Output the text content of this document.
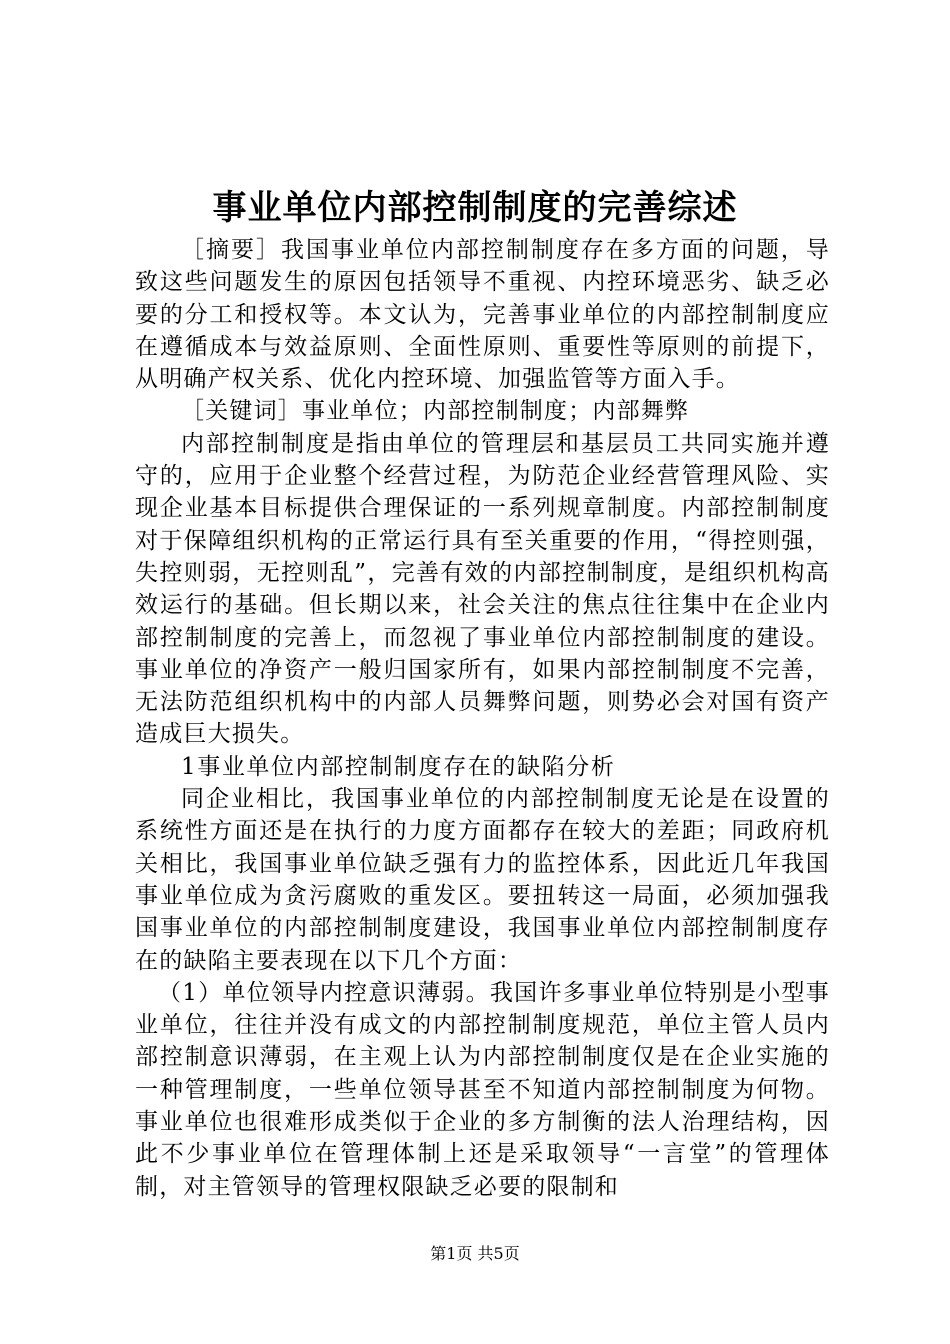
事业单位内部控制制度的完善综述

［摘要］我国事业单位内部控制制度存在多方面的问题，导致这些问题发生的原因包括领导不重视、内控环境恶劣、缺乏必要的分工和授权等。本文认为，完善事业单位的内部控制制度应在遵循成本与效益原则、全面性原则、重要性等原则的前提下，从明确产权关系、优化内控环境、加强监管等方面入手。

［关键词］事业单位；内部控制制度；内部舞弊

内部控制制度是指由单位的管理层和基层员工共同实施并遵守的，应用于企业整个经营过程，为防范企业经营管理风险、实现企业基本目标提供合理保证的一系列规章制度。内部控制制度对于保障组织机构的正常运行具有至关重要的作用，“得控则强，失控则弱，无控则乱”，完善有效的内部控制制度，是组织机构高效运行的基础。但长期以来，社会关注的焦点往往集中在企业内部控制制度的完善上，而忽视了事业单位内部控制制度的建设。事业单位的净资产一般归国家所有，如果内部控制制度不完善，无法防范组织机构中的内部人员舞弊问题，则势必会对国有资产造成巨大损失。

1事业单位内部控制制度存在的缺陷分析

同企业相比，我国事业单位的内部控制制度无论是在设置的系统性方面还是在执行的力度方面都存在较大的差距；同政府机关相比，我国事业单位缺乏强有力的监控体系，因此近几年我国事业单位成为贪污腐败的重发区。要扭转这一局面，必须加强我国事业单位的内部控制制度建设，我国事业单位内部控制制度存在的缺陷主要表现在以下几个方面：

（1）单位领导内控意识薄弱。我国许多事业单位特别是小型事业单位，往往并没有成文的内部控制制度规范，单位主管人员内部控制意识薄弱，在主观上认为内部控制制度仅是在企业实施的一种管理制度，一些单位领导甚至不知道内部控制制度为何物。事业单位也很难形成类似于企业的多方制衡的法人治理结构，因此不少事业单位在管理体制上还是采取领导“一言堂”的管理体制，对主管领导的管理权限缺乏必要的限制和

第1页 共5页
